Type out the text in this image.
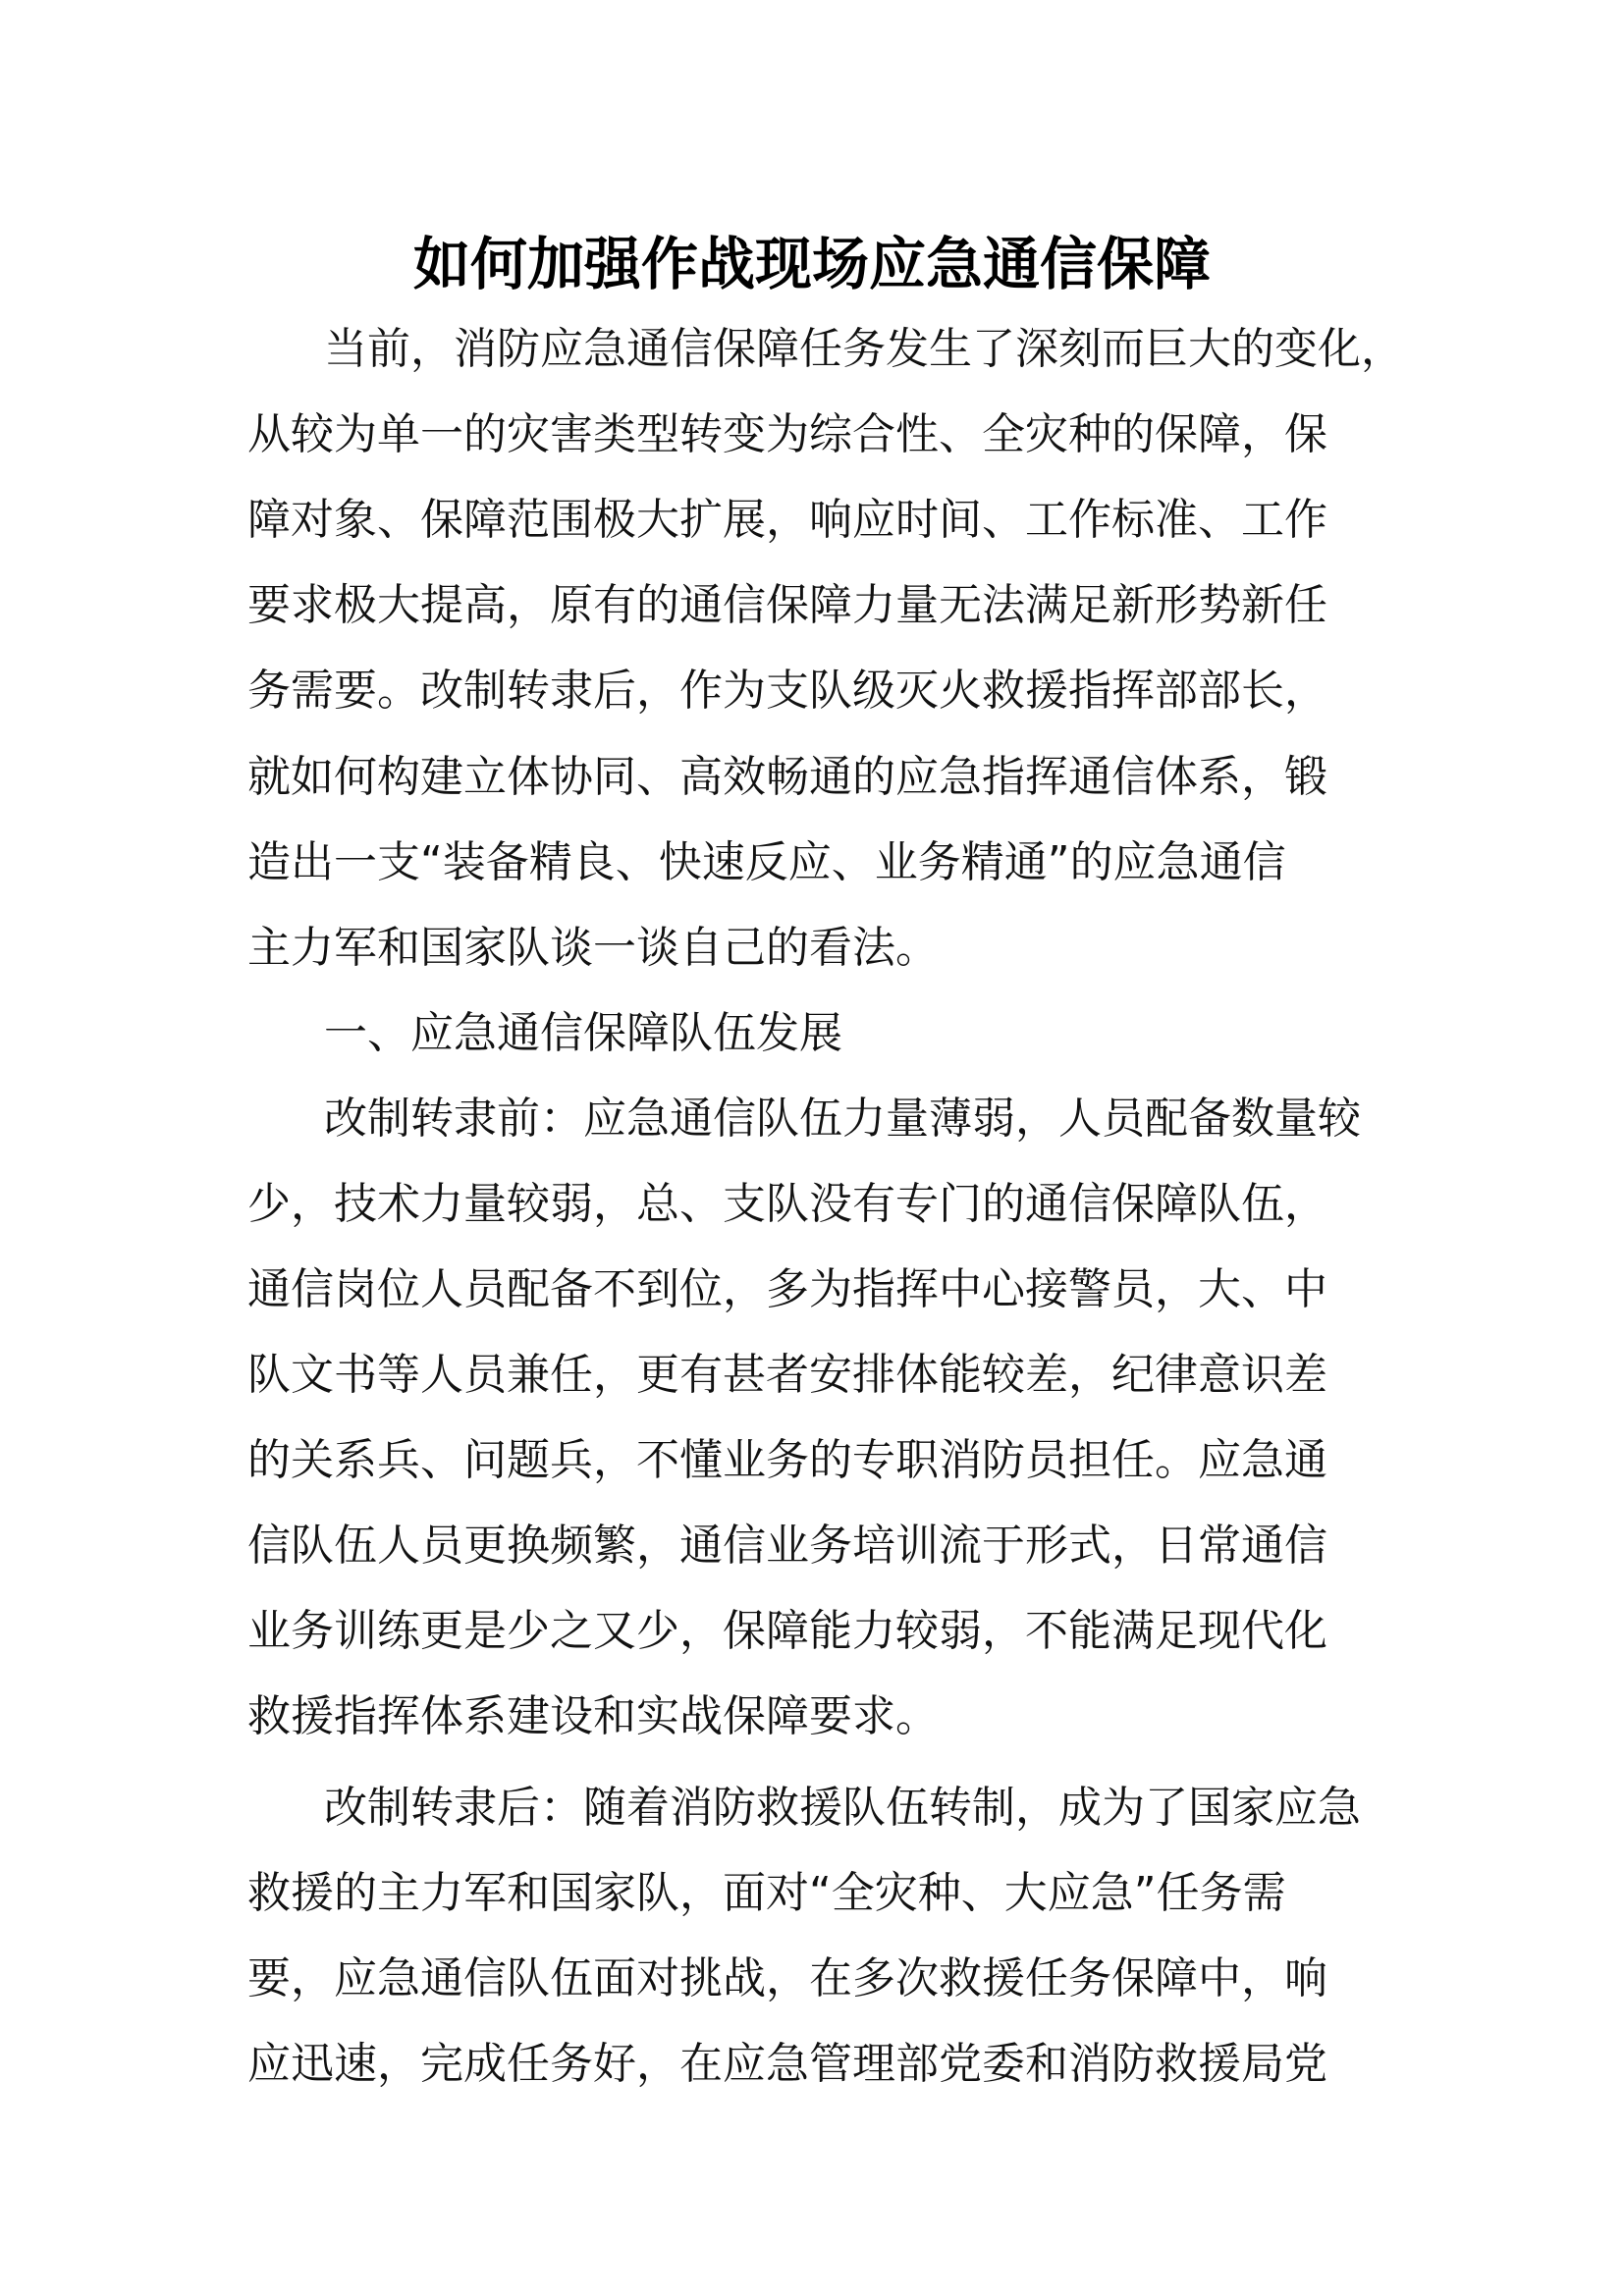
如何加强作战现场应急通信保障

当前，消防应急通信保障任务发生了深刻而巨大的变化，

从较为单一的灾害类型转变为综合性、全灾种的保障，保

障对象、保障范围极大扩展，响应时间、工作标准、工作

要求极大提高，原有的通信保障力量无法满足新形势新任

务需要。改制转隶后，作为支队级灭火救援指挥部部长，

就如何构建立体协同、高效畅通的应急指挥通信体系，锻

造出一支“装备精良、快速反应、业务精通”的应急通信

主力军和国家队谈一谈自己的看法。

一、应急通信保障队伍发展

改制转隶前：应急通信队伍力量薄弱，人员配备数量较

少，技术力量较弱，总、支队没有专门的通信保障队伍，

通信岗位人员配备不到位，多为指挥中心接警员，大、中

队文书等人员兼任，更有甚者安排体能较差，纪律意识差

的关系兵、问题兵，不懂业务的专职消防员担任。应急通

信队伍人员更换频繁，通信业务培训流于形式，日常通信

业务训练更是少之又少，保障能力较弱，不能满足现代化

救援指挥体系建设和实战保障要求。

改制转隶后：随着消防救援队伍转制，成为了国家应急

救援的主力军和国家队，面对“全灾种、大应急”任务需

要，应急通信队伍面对挑战，在多次救援任务保障中，响

应迅速，完成任务好，在应急管理部党委和消防救援局党
